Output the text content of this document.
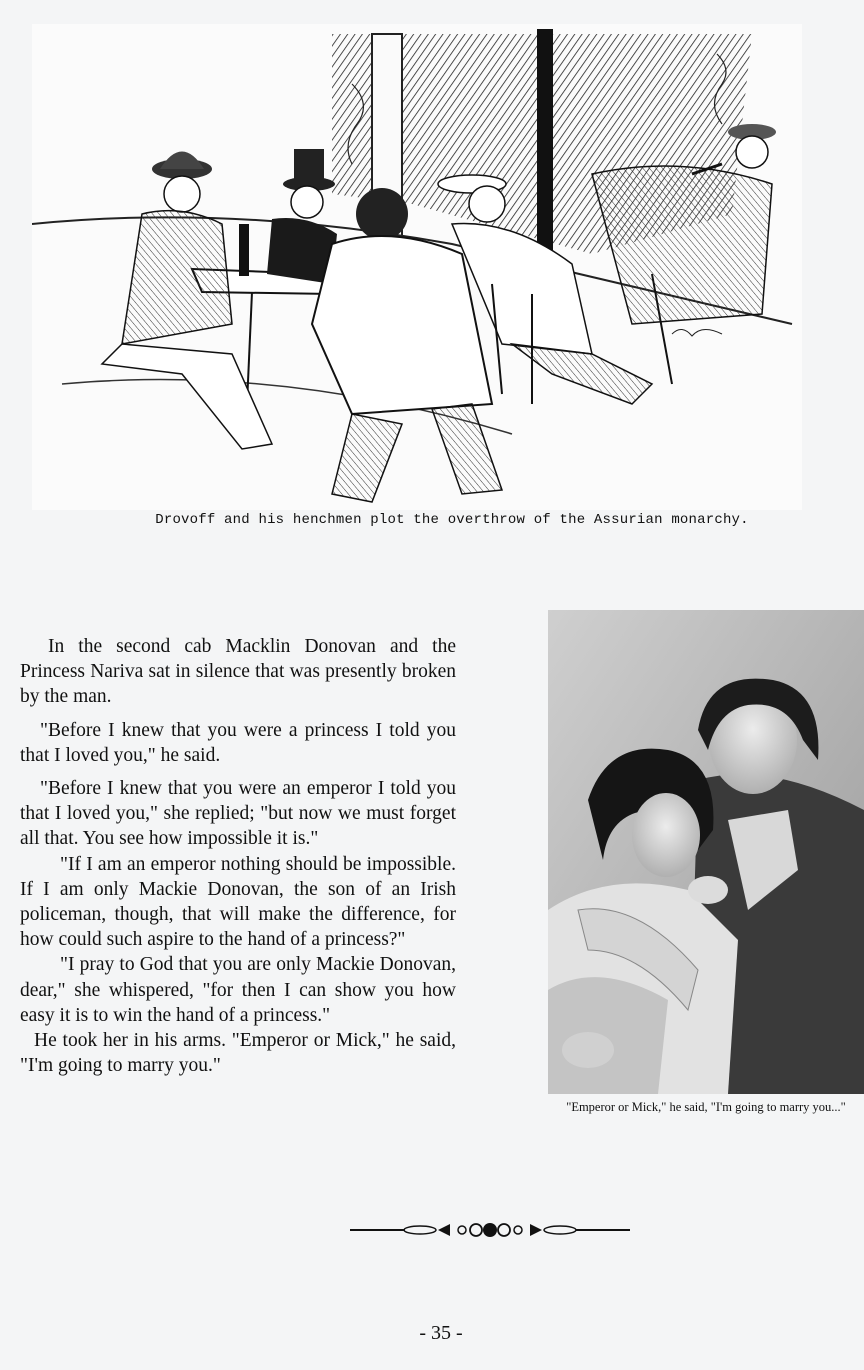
Drovoff and his henchmen plot the overthrow of the Assurian monarchy.

In the second cab Macklin Donovan and the Princess Nariva sat in silence that was presently broken by the man.

"Before I knew that you were a princess I told you that I loved you," he said.

"Before I knew that you were an emperor I told you that I loved you," she replied; "but now we must forget all that. You see how impossible it is."

"If I am an emperor nothing should be impossible. If I am only Mackie Donovan, the son of an Irish policeman, though, that will make the difference, for how could such aspire to the hand of a princess?"

"I pray to God that you are only Mackie Donovan, dear," she whispered, "for then I can show you how easy it is to win the hand of a princess."

He took her in his arms. "Emperor or Mick," he said, "I'm going to marry you."

"Emperor or Mick," he said, "I'm going to marry you..."
- 35 -
